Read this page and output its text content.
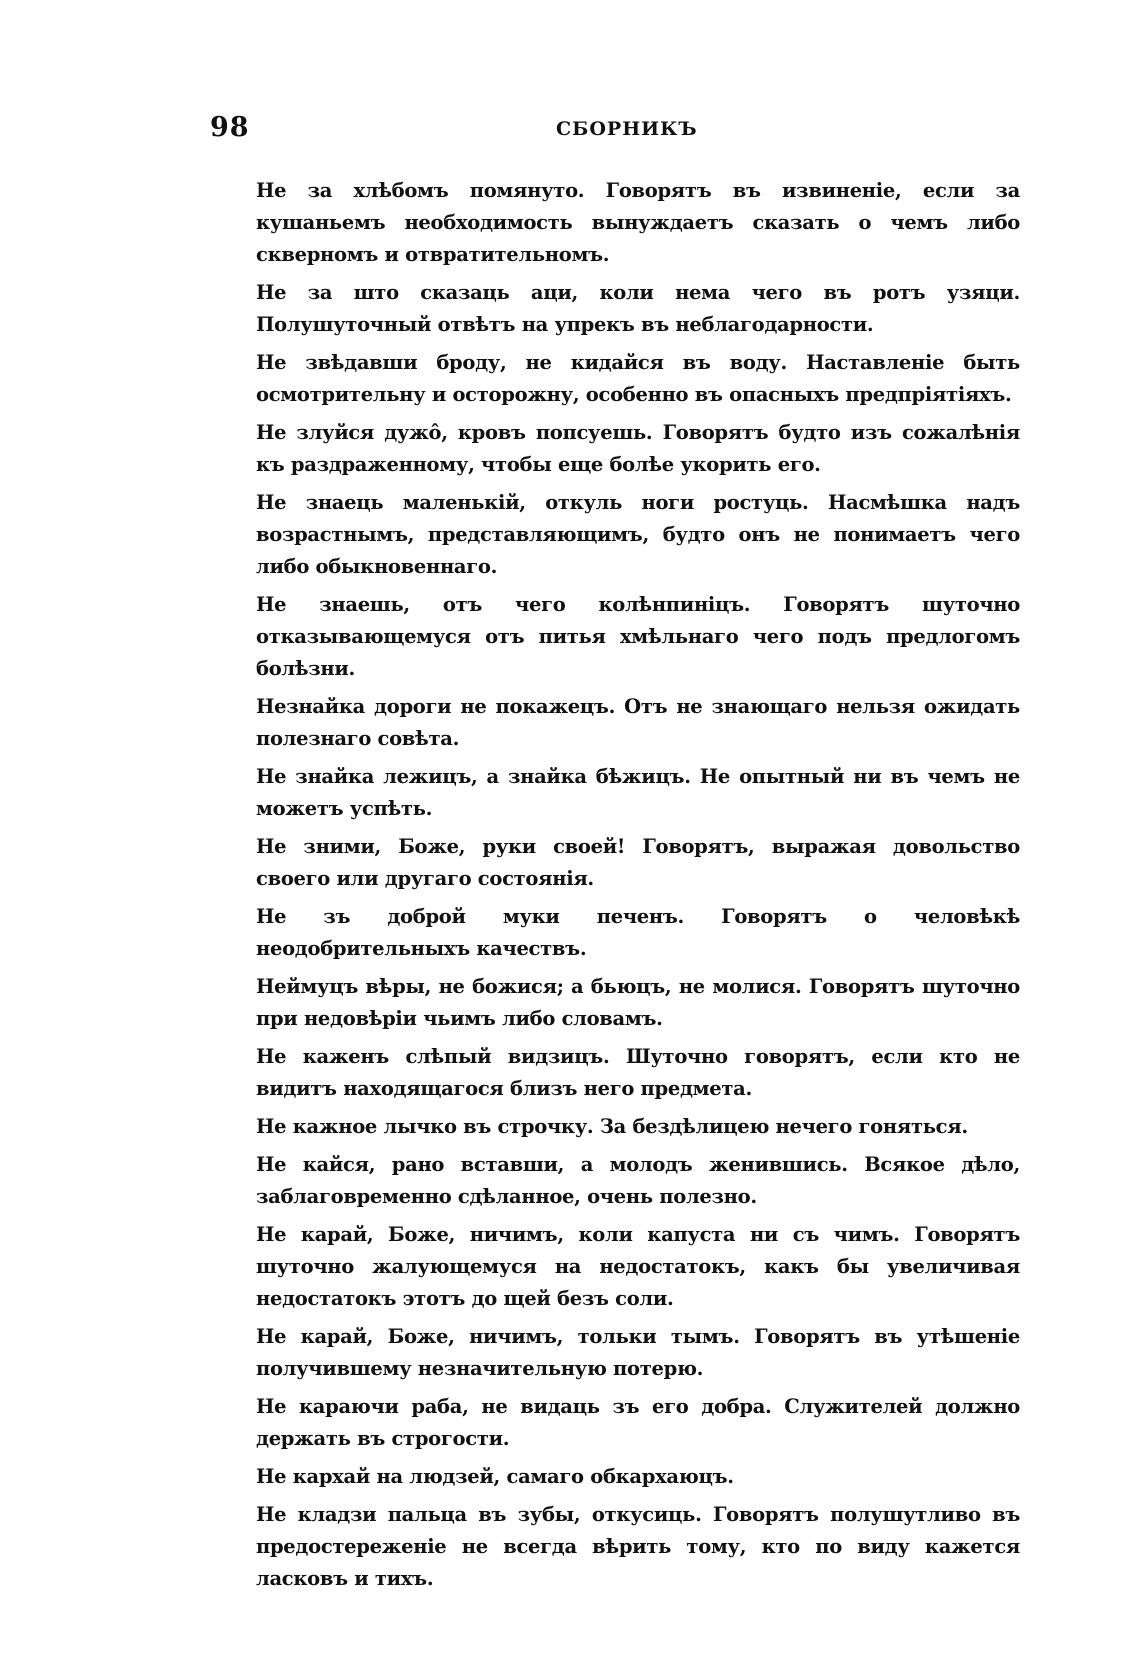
98	СБОРНИКЪ

Не за хлѣбомъ помянуто. Говорятъ въ извиненіе, если за кушаньемъ необходимость вынуждаетъ сказать о чемъ либо скверномъ и отвратительномъ.

Не за што сказаць аци, коли нема чего въ ротъ узяци. Полушуточный отвѣтъ на упрекъ въ неблагодарности.

Не звѣдавши броду, не кидайся въ воду. Наставленіе быть осмотрительну и осторожну, особенно въ опасныхъ предпріятіяхъ.

Не злуйся дужô, кровъ попсуешь. Говорятъ будто изъ сожалѣнія къ раздраженному, чтобы еще болѣе укорить его.

Не знаець маленькій, откуль ноги ростуць. Насмѣшка надъ возрастнымъ, представляющимъ, будто онъ не понимаетъ чего либо обыкновеннаго.

Не знаешь, отъ чего колѣнпиніцъ. Говорятъ шуточно отказывающемуся отъ питья хмѣльнаго чего подъ предлогомъ болѣзни.

Незнайка дороги не покажецъ. Отъ не знающаго нельзя ожидать полезнаго совѣта.

Не знайка лежицъ, а знайка бѣжицъ. Не опытный ни въ чемъ не можетъ успѣть.

Не зними, Боже, руки своей! Говорятъ, выражая довольство своего или другаго состоянія.

Не зъ доброй муки печенъ. Говорятъ о человѣкѣ неодобрительныхъ качествъ.

Неймуцъ вѣры, не божися; а бьюцъ, не молися. Говорятъ шуточно при недовѣріи чьимъ либо словамъ.

Не каженъ слѣпый видзицъ. Шуточно говорятъ, если кто не видитъ находящагося близъ него предмета.

Не кажное лычко въ строчку. За бездѣлицею нечего гоняться.

Не кайся, рано вставши, а молодъ женившись. Всякое дѣло, заблаговременно сдѣланное, очень полезно.

Не карай, Боже, ничимъ, коли капуста ни съ чимъ. Говорятъ шуточно жалующемуся на недостатокъ, какъ бы увеличивая недостатокъ этотъ до щей безъ соли.

Не карай, Боже, ничимъ, тольки тымъ. Говорятъ въ утѣшеніе получившему незначительную потерю.

Не караючи раба, не видаць зъ его добра. Служителей должно держать въ строгости.

Не кархай на людзей, самаго обкархаюцъ.

Не кладзи пальца въ зубы, откусиць. Говорятъ полушутливо въ предостереженіе не всегда вѣрить тому, кто по виду кажется ласковъ и тихъ.
